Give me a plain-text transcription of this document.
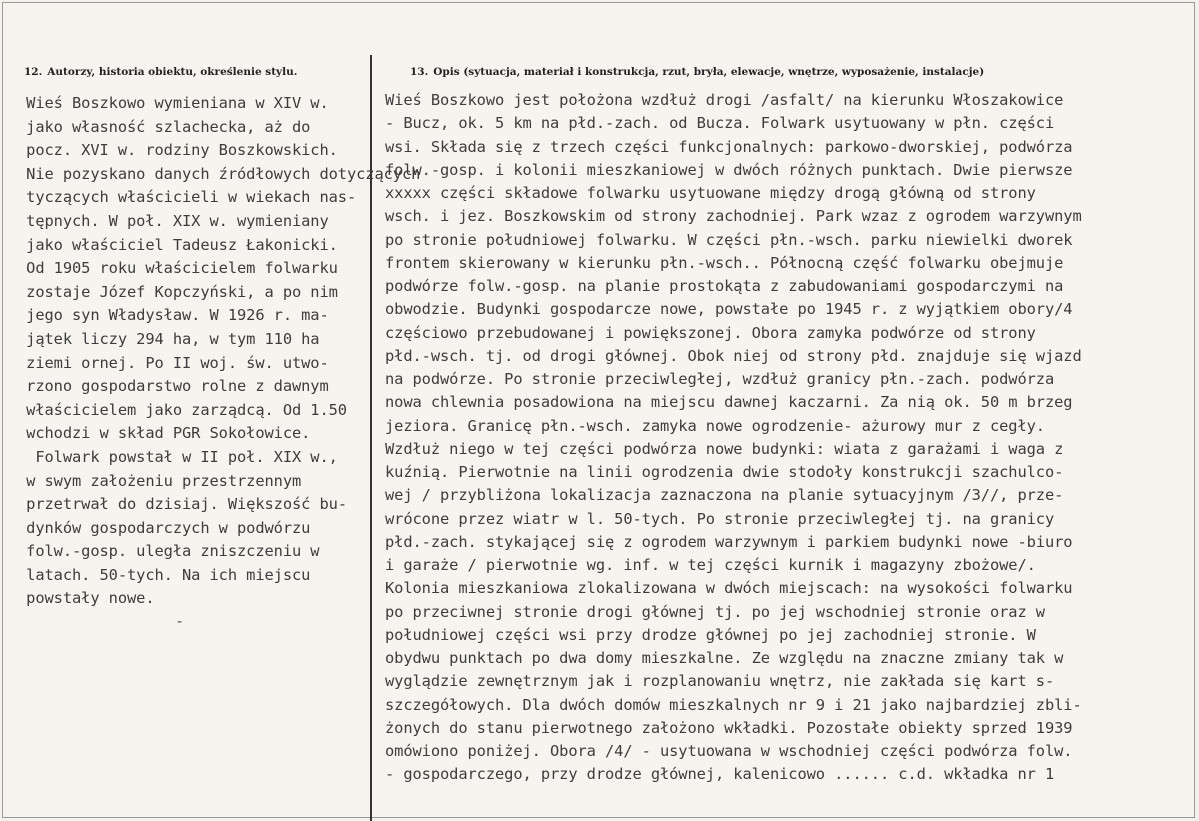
12. Autorzy, historia obiektu, określenie stylu.	13. Opis (sytuacja, materiał i konstrukcja, rzut, bryła, elewacje, wnętrze, wyposażenie, instalacje)
Wieś Boszkowo wymieniana w XIV w.
jako własność szlachecka, aż do
pocz. XVI w. rodziny Boszkowskich.
Nie pozyskano danych źródłowych dotyczących
tyczących właścicieli w wiekach nas-
tępnych. W poł. XIX w. wymieniany
jako właściciel Tadeusz Łakonicki.
Od 1905 roku właścicielem folwarku
zostaje Józef Kopczyński, a po nim
jego syn Władysław. W 1926 r. ma-
jątek liczy 294 ha, w tym 110 ha
ziemi ornej. Po II woj. św. utwo-
rzono gospodarstwo rolne z dawnym
właścicielem jako zarządcą. Od 1.50
wchodzi w skład PGR Sokołowice.
Folwark powstał w II poł. XIX w.,
w swym założeniu przestrzennym
przetrwał do dzisiaj. Większość bu-
dynków gospodarczych w podwórzu
folw.-gosp. uległa zniszczeniu w
latach. 50-tych. Na ich miejscu
powstały nowe.
Wieś Boszkowo jest położona wzdłuż drogi /asfalt/ na kierunku Włoszakowice
- Bucz, ok. 5 km na płd.-zach. od Bucza. Folwark usytuowany w płn. części
wsi. Składa się z trzech części funkcjonalnych: parkowo-dworskiej, podwórza
folw.-gosp. i kolonii mieszkaniowej w dwóch różnych punktach. Dwie pierwsze
xxxxx części składowe folwarku usytuowane między drogą główną od strony
wsch. i jez. Boszkowskim od strony zachodniej. Park wzaz z ogrodem warzywnym
po stronie południowej folwarku. W części płn.-wsch. parku niewielki dworek
frontem skierowany w kierunku płn.-wsch.. Północną część folwarku obejmuje
podwórze folw.-gosp. na planie prostokąta z zabudowaniami gospodarczymi na
obwodzie. Budynki gospodarcze nowe, powstałe po 1945 r. z wyjątkiem obory/4
częściowo przebudowanej i powiększonej. Obora zamyka podwórze od strony
płd.-wsch. tj. od drogi głównej. Obok niej od strony płd. znajduje się wjazd
na podwórze. Po stronie przeciwległej, wzdłuż granicy płn.-zach. podwórza
nowa chlewnia posadowiona na miejscu dawnej kaczarni. Za nią ok. 50 m brzeg
jeziora. Granicę płn.-wsch. zamyka nowe ogrodzenie- ażurowy mur z cegły.
Wzdłuż niego w tej części podwórza nowe budynki: wiata z garażami i waga z
kuźnią. Pierwotnie na linii ogrodzenia dwie stodoły konstrukcji szachulco-
wej / przybliżona lokalizacja zaznaczona na planie sytuacyjnym /3//, prze-
wrócone przez wiatr w l. 50-tych. Po stronie przeciwległej tj. na granicy
płd.-zach. stykającej się z ogrodem warzywnym i parkiem budynki nowe -biuro
i garaże / pierwotnie wg. inf. w tej części kurnik i magazyny zbożowe/.
Kolonia mieszkaniowa zlokalizowana w dwóch miejscach: na wysokości folwarku
po przeciwnej stronie drogi głównej tj. po jej wschodniej stronie oraz w
południowej części wsi przy drodze głównej po jej zachodniej stronie. W
obydwu punktach po dwa domy mieszkalne. Ze względu na znaczne zmiany tak w
wyglądzie zewnętrznym jak i rozplanowaniu wnętrz, nie zakłada się kart s-
szczegółowych. Dla dwóch domów mieszkalnych nr 9 i 21 jako najbardziej zbli-
żonych do stanu pierwotnego założono wkładki. Pozostałe obiekty sprzed 1939
omówiono poniżej. Obora /4/ - usytuowana w wschodniej części podwórza folw.
- gospodarczego, przy drodze głównej, kalenicowo ...... c.d. wkładka nr 1
-
